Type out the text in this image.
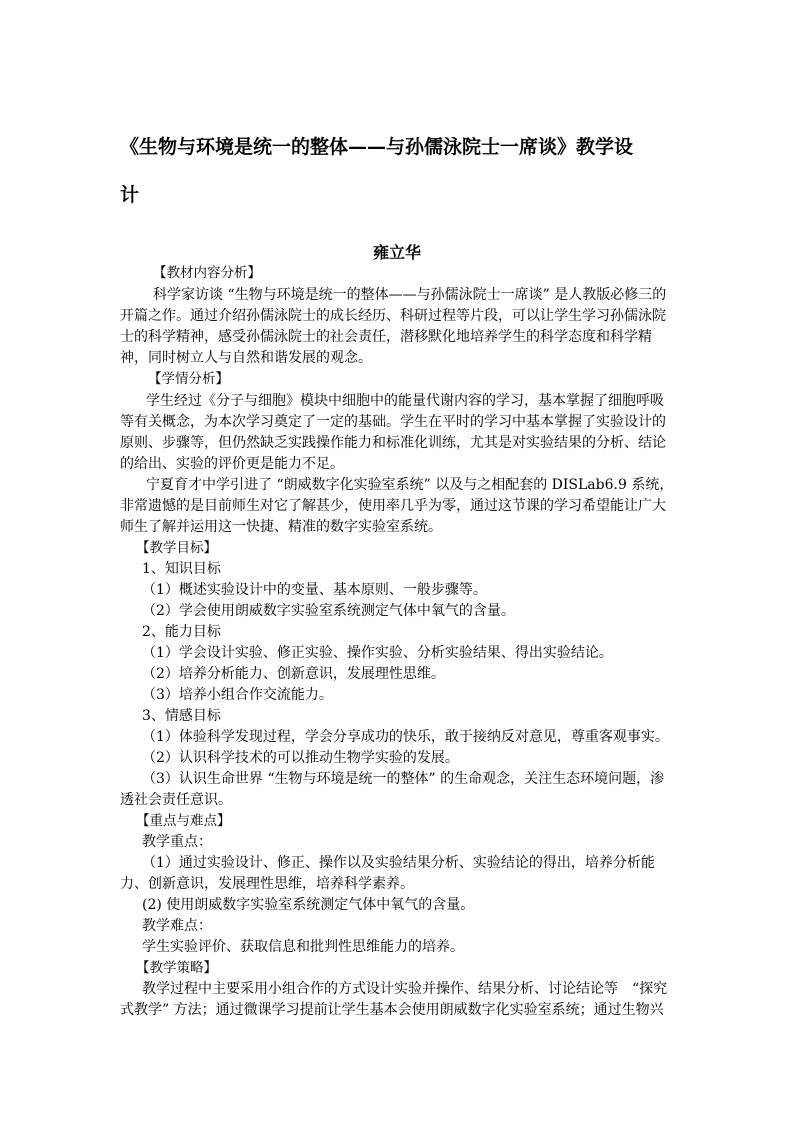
《生物与环境是统一的整体——与孙儒泳院士一席谈》教学设
计
雍立华
【教材内容分析】
科学家访谈 “生物与环境是统一的整体——与孙儒泳院士一席谈” 是人教版必修三的
开篇之作。通过介绍孙儒泳院士的成长经历、科研过程等片段，可以让学生学习孙儒泳院
士的科学精神，感受孙儒泳院士的社会责任，潜移默化地培养学生的科学态度和科学精
神，同时树立人与自然和谐发展的观念。
【学情分析】
学生经过《分子与细胞》模块中细胞中的能量代谢内容的学习，基本掌握了细胞呼吸
等有关概念，为本次学习奠定了一定的基础。学生在平时的学习中基本掌握了实验设计的
原则、步骤等，但仍然缺乏实践操作能力和标准化训练，尤其是对实验结果的分析、结论
的给出、实验的评价更是能力不足。
宁夏育才中学引进了 “朗威数字化实验室系统” 以及与之相配套的 DISLab6.9 系统，
非常遗憾的是目前师生对它了解甚少，使用率几乎为零，通过这节课的学习希望能让广大
师生了解并运用这一快捷、精准的数字实验室系统。
【教学目标】
1、知识目标
（1）概述实验设计中的变量、基本原则、一般步骤等。
（2）学会使用朗威数字实验室系统测定气体中氧气的含量。
2、能力目标
（1）学会设计实验、修正实验、操作实验、分析实验结果、得出实验结论。
（2）培养分析能力、创新意识，发展理性思维。
（3）培养小组合作交流能力。
3、情感目标
（1）体验科学发现过程，学会分享成功的快乐，敢于接纳反对意见，尊重客观事实。
（2）认识科学技术的可以推动生物学实验的发展。
（3）认识生命世界 “生物与环境是统一的整体” 的生命观念，关注生态环境问题，渗
透社会责任意识。
【重点与难点】
教学重点：
（1）通过实验设计、修正、操作以及实验结果分析、实验结论的得出，培养分析能
力、创新意识，发展理性思维，培养科学素养。
(2) 使用朗威数字实验室系统测定气体中氧气的含量。
教学难点：
学生实验评价、获取信息和批判性思维能力的培养。
【教学策略】
教学过程中主要采用小组合作的方式设计实验并操作、结果分析、讨论结论等　“探究
式教学” 方法；通过微课学习提前让学生基本会使用朗威数字化实验室系统；通过生物兴
